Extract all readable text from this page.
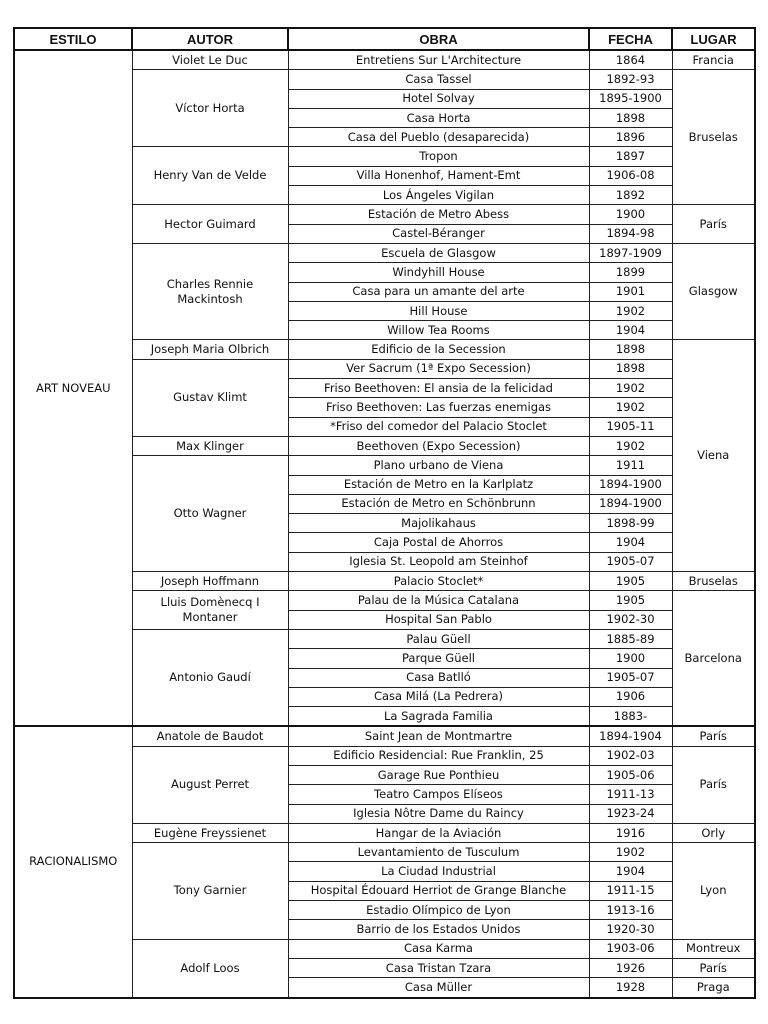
ESTILO	AUTOR	OBRA	FECHA	LUGAR
ART NOVEAU	Violet Le Duc	Entretiens Sur L'Architecture	1864	Francia
	Víctor Horta	Casa Tassel	1892-93	Bruselas
		Hotel Solvay	1895-1900	
		Casa Horta	1898	
		Casa del Pueblo (desaparecida)	1896	
	Henry Van de Velde	Tropon	1897	
		Villa Honenhof, Hament-Emt	1906-08	
		Los Ángeles Vigilan	1892	
	Hector Guimard	Estación de Metro Abess	1900	París
		Castel-Béranger	1894-98	
	Charles Rennie Mackintosh	Escuela de Glasgow	1897-1909	Glasgow
		Windyhill House	1899	
		Casa para un amante del arte	1901	
		Hill House	1902	
		Willow Tea Rooms	1904	
	Joseph Maria Olbrich	Edificio de la Secession	1898	Viena
	Gustav Klimt	Ver Sacrum (1ª Expo Secession)	1898	
		Friso Beethoven: El ansia de la felicidad	1902	
		Friso Beethoven: Las fuerzas enemigas	1902	
		*Friso del comedor del Palacio Stoclet	1905-11	
	Max Klinger	Beethoven (Expo Secession)	1902	
	Otto Wagner	Plano urbano de Viena	1911	
		Estación de Metro en la Karlplatz	1894-1900	
		Estación de Metro en Schönbrunn	1894-1900	
		Majolikahaus	1898-99	
		Caja Postal de Ahorros	1904	
		Iglesia St. Leopold am Steinhof	1905-07	
	Joseph Hoffmann	Palacio Stoclet*	1905	Bruselas
	Lluis Domènecq I Montaner	Palau de la Música Catalana	1905	Barcelona
		Hospital San Pablo	1902-30	
	Antonio Gaudí	Palau Güell	1885-89	
		Parque Güell	1900	
		Casa Batlló	1905-07	
		Casa Milá (La Pedrera)	1906	
		La Sagrada Familia	1883-	
RACIONALISMO	Anatole de Baudot	Saint Jean de Montmartre	1894-1904	París
	August Perret	Edificio Residencial: Rue Franklin, 25	1902-03	París
		Garage Rue Ponthieu	1905-06	
		Teatro Campos Elíseos	1911-13	
		Iglesia Nôtre Dame du Raincy	1923-24	
	Eugène Freyssienet	Hangar de la Aviación	1916	Orly
	Tony Garnier	Levantamiento de Tusculum	1902	Lyon
		La Ciudad Industrial	1904	
		Hospital Édouard Herriot de Grange Blanche	1911-15	
		Estadio Olímpico de Lyon	1913-16	
		Barrio de los Estados Unidos	1920-30	
	Adolf Loos	Casa Karma	1903-06	Montreux
		Casa Tristan Tzara	1926	París
		Casa Müller	1928	Praga
